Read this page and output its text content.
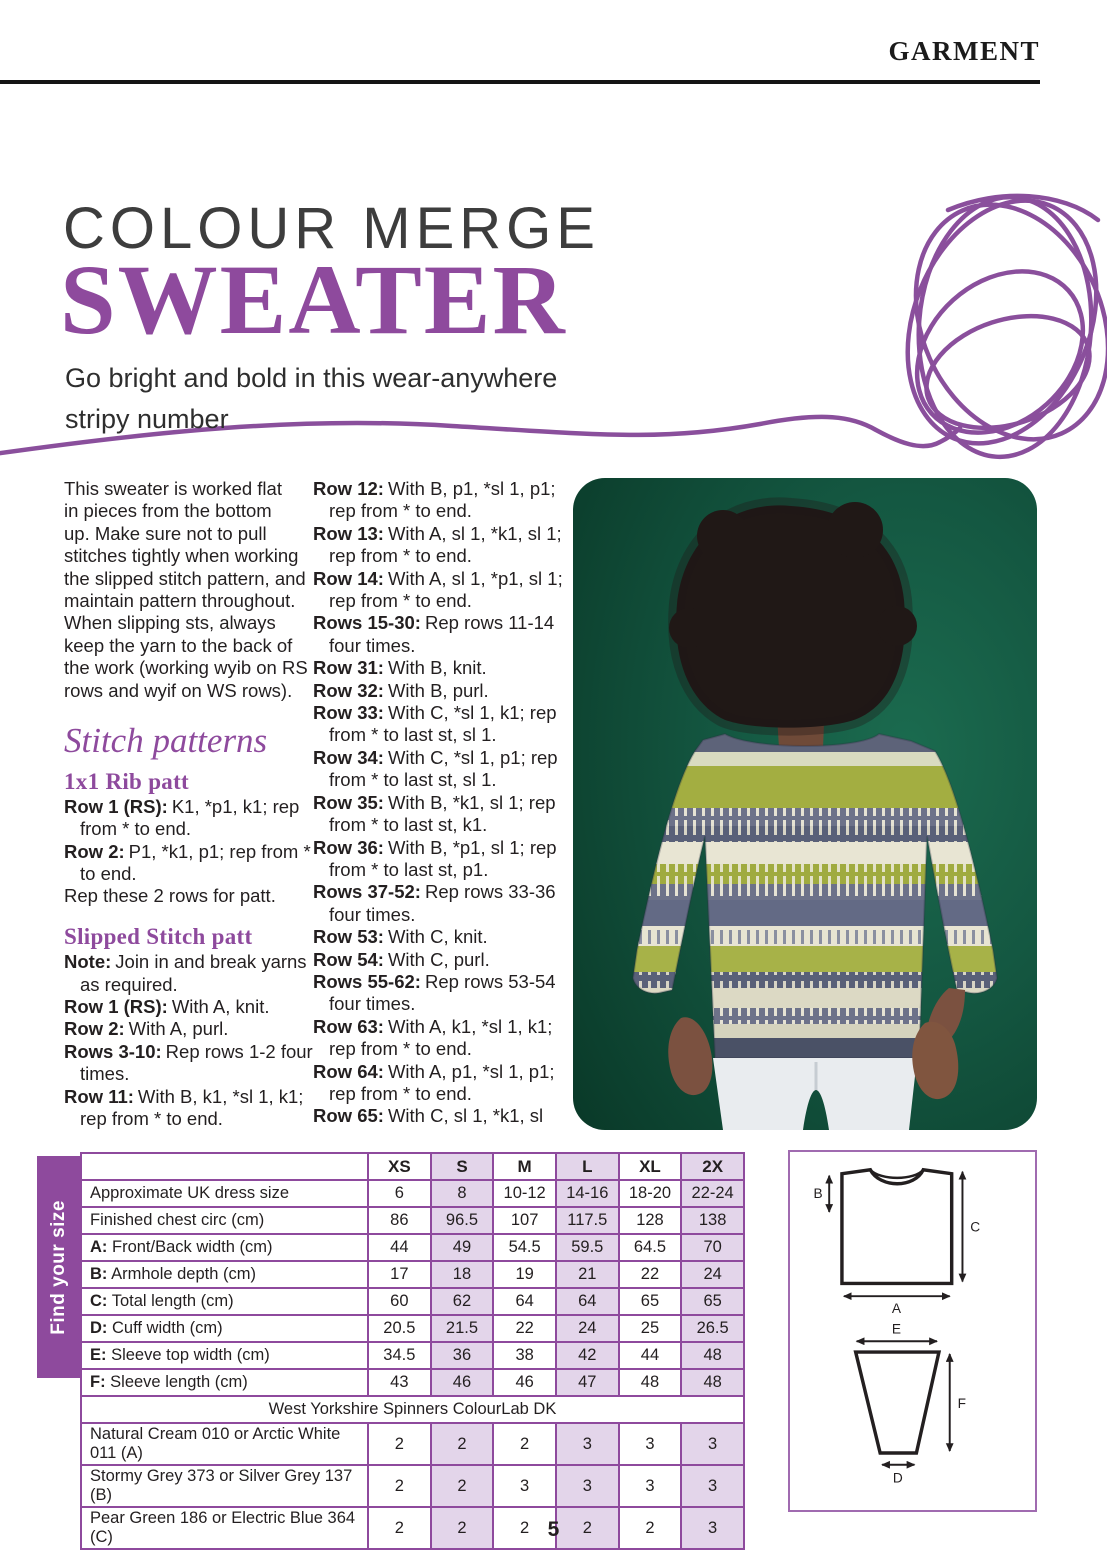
GARMENT
COLOUR MERGE
SWEATER

Go bright and bold in this wear-anywhere
stripy number

This sweater is worked flat
in pieces from the bottom
up. Make sure not to pull
stitches tightly when working
the slipped stitch pattern, and
maintain pattern throughout.
When slipping sts, always
keep the yarn to the back of
the work (working wyib on RS
rows and wyif on WS rows).
Stitch patterns
1x1 Rib patt

Row 1 (RS): K1, *p1, k1; rep from * to end.

Row 2: P1, *k1, p1; rep from * to end.

Rep these 2 rows for patt.

Slipped Stitch patt

Note: Join in and break yarns as required.

Row 1 (RS): With A, knit.

Row 2: With A, purl.

Rows 3-10: Rep rows 1-2 four times.

Row 11: With B, k1, *sl 1, k1; rep from * to end.

Row 12: With B, p1, *sl 1, p1; rep from * to end.

Row 13: With A, sl 1, *k1, sl 1; rep from * to end.

Row 14: With A, sl 1, *p1, sl 1; rep from * to end.

Rows 15-30: Rep rows 11-14 four times.

Row 31: With B, knit.

Row 32: With B, purl.

Row 33: With C, *sl 1, k1; rep from * to last st, sl 1.

Row 34: With C, *sl 1, p1; rep from * to last st, sl 1.

Row 35: With B, *k1, sl 1; rep from * to last st, k1.

Row 36: With B, *p1, sl 1; rep from * to last st, p1.

Rows 37-52: Rep rows 33-36 four times.

Row 53: With C, knit.

Row 54: With C, purl.

Rows 55-62: Rep rows 53-54 four times.

Row 63: With A, k1, *sl 1, k1; rep from * to end.

Row 64: With A, p1, *sl 1, p1; rep from * to end.

Row 65: With C, sl 1, *k1, sl

Find your size
	XS	S	M	L	XL	2X
Approximate UK dress size	6	8	10-12	14-16	18-20	22-24
Finished chest circ (cm)	86	96.5	107	117.5	128	138
A: Front/Back width (cm)	44	49	54.5	59.5	64.5	70
B: Armhole depth (cm)	17	18	19	21	22	24
C: Total length (cm)	60	62	64	64	65	65
D: Cuff width (cm)	20.5	21.5	22	24	25	26.5
E: Sleeve top width (cm)	34.5	36	38	42	44	48
F: Sleeve length (cm)	43	46	46	47	48	48
West Yorkshire Spinners ColourLab DK						
Natural Cream 010 or Arctic White 011 (A)	2	2	2	3	3	3
Stormy Grey 373 or Silver Grey 137 (B)	2	2	3	3	3	3
Pear Green 186 or Electric Blue 364 (C)	2	2	2	2	2	3
B
C
A
E
F
D
5
